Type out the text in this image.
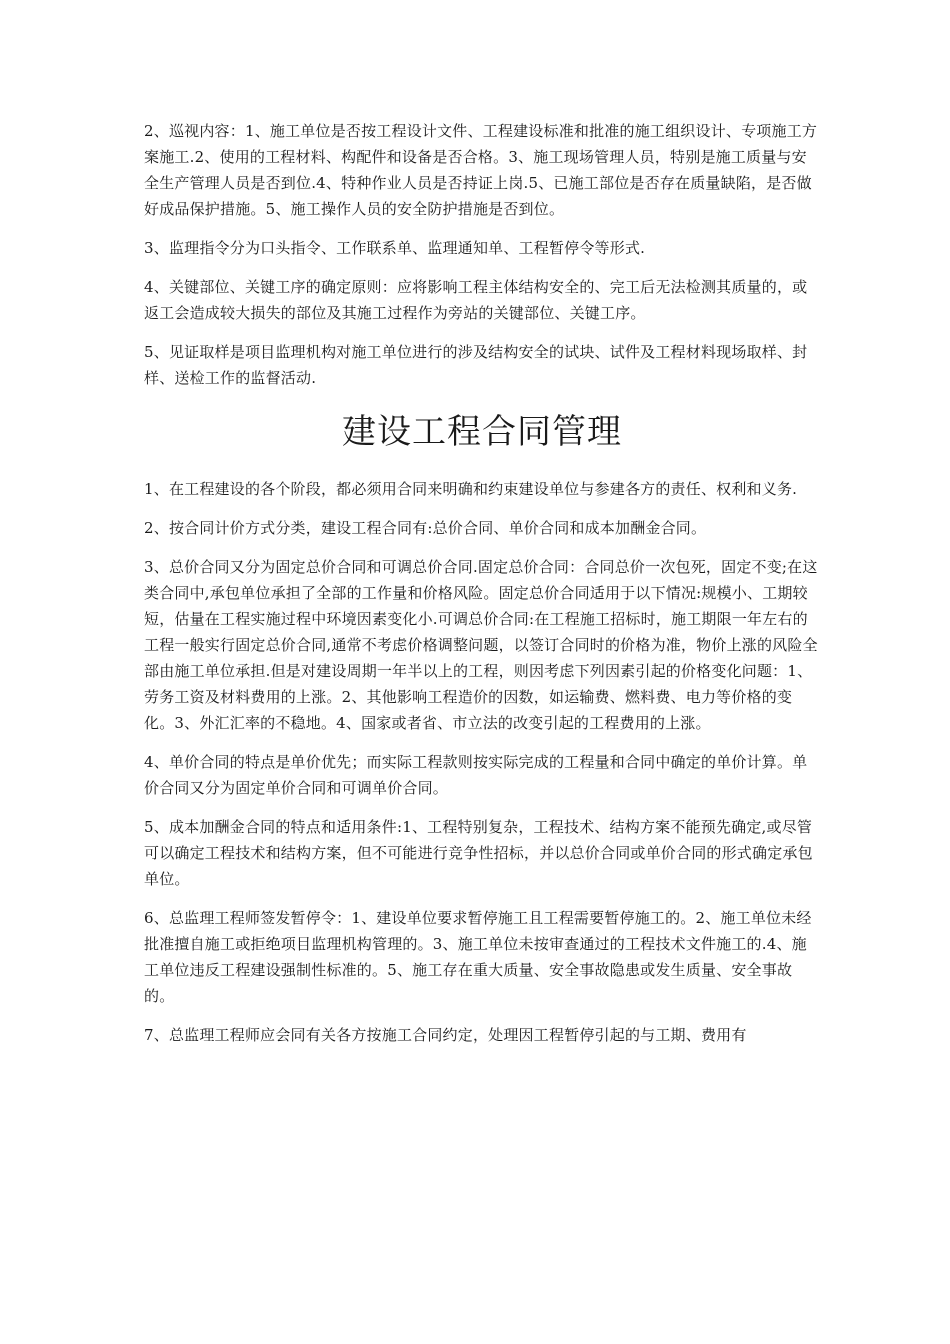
2、巡视内容：1、施工单位是否按工程设计文件、工程建设标准和批准的施工组织设计、专项施工方案施工.2、使用的工程材料、构配件和设备是否合格。3、施工现场管理人员，特别是施工质量与安全生产管理人员是否到位.4、特种作业人员是否持证上岗.5、已施工部位是否存在质量缺陷，是否做好成品保护措施。5、施工操作人员的安全防护措施是否到位。

3、监理指令分为口头指令、工作联系单、监理通知单、工程暂停令等形式.

4、关键部位、关键工序的确定原则：应将影响工程主体结构安全的、完工后无法检测其质量的，或返工会造成较大损失的部位及其施工过程作为旁站的关键部位、关键工序。

5、见证取样是项目监理机构对施工单位进行的涉及结构安全的试块、试件及工程材料现场取样、封样、送检工作的监督活动.

建设工程合同管理

1、在工程建设的各个阶段，都必须用合同来明确和约束建设单位与参建各方的责任、权利和义务.

2、按合同计价方式分类，建设工程合同有:总价合同、单价合同和成本加酬金合同。

3、总价合同又分为固定总价合同和可调总价合同.固定总价合同：合同总价一次包死，固定不变;在这类合同中,承包单位承担了全部的工作量和价格风险。固定总价合同适用于以下情况:规模小、工期较短，估量在工程实施过程中环境因素变化小.可调总价合同:在工程施工招标时，施工期限一年左右的工程一般实行固定总价合同,通常不考虑价格调整问题，以签订合同时的价格为准，物价上涨的风险全部由施工单位承担.但是对建设周期一年半以上的工程，则因考虑下列因素引起的价格变化问题：1、劳务工资及材料费用的上涨。2、其他影响工程造价的因数，如运输费、燃料费、电力等价格的变化。3、外汇汇率的不稳地。4、国家或者省、市立法的改变引起的工程费用的上涨。

4、单价合同的特点是单价优先；而实际工程款则按实际完成的工程量和合同中确定的单价计算。单价合同又分为固定单价合同和可调单价合同。

5、成本加酬金合同的特点和适用条件:1、工程特别复杂，工程技术、结构方案不能预先确定,或尽管可以确定工程技术和结构方案，但不可能进行竞争性招标，并以总价合同或单价合同的形式确定承包单位。

6、总监理工程师签发暂停令：1、建设单位要求暂停施工且工程需要暂停施工的。2、施工单位未经批准擅自施工或拒绝项目监理机构管理的。3、施工单位未按审查通过的工程技术文件施工的.4、施工单位违反工程建设强制性标准的。5、施工存在重大质量、安全事故隐患或发生质量、安全事故的。

7、总监理工程师应会同有关各方按施工合同约定，处理因工程暂停引起的与工期、费用有
